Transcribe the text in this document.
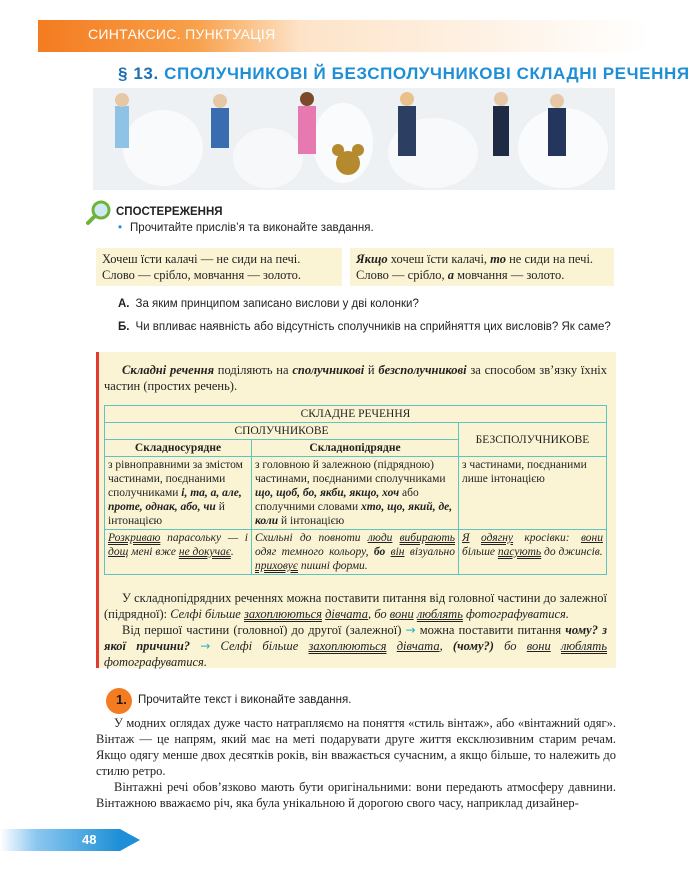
СИНТАКСИС. ПУНКТУАЦІЯ
§ 13. СПОЛУЧНИКОВІ Й БЕЗСПОЛУЧНИКОВІ СКЛАДНІ РЕЧЕННЯ
СПОСТЕРЕЖЕННЯ
• Прочитайте прислів’я та виконайте завдання.
Хочеш їсти калачі — не сиди на печі.
Слово — срібло, мовчання — золото.
Якщо хочеш їсти калачі, то не сиди на печі.
Слово — срібло, а мовчання — золото.
А. За яким принципом записано вислови у дві колонки?
Б. Чи впливає наявність або відсутність сполучників на сприйняття цих висловів? Як саме?
Складні речення поділяють на сполучникові й безсполучникові за способом зв’язку їхніх частин (простих речень).
СКЛАДНЕ РЕЧЕННЯ		
СПОЛУЧНИКОВЕ		БЕЗСПОЛУЧНИКОВЕ
Складносурядне	Складнопідрядне	
з рівноправними за змістом частинами, поєднаними сполучниками і, та, а, але, проте, однак, або, чи й інтонацією	з головною й залежною (підрядною) частинами, поєднаними сполучниками що, щоб, бо, якби, якщо, хоч або сполучними словами хто, що, який, де, коли й інтонацією	з частинами, поєднаними лише інтонацією
Розкриваю парасольку — і дощ мені вже не докучає.	Схильні до повноти люди вибирають одяг темного кольору, бо він візуально приховує пишні форми.	Я одягну кросівки: вони більше пасують до джинсів.
У складнопідрядних реченнях можна поставити питання від головної частини до залежної (підрядної): Селфі більше захоплюються дівчата, бо вони люблять фотографуватися.
Від першої частини (головної) до другої (залежної) → можна поставити питання чому? з якої причини? → Селфі більше захоплюються дівчата, (чому?) бо вони люблять фотографуватися.
1. Прочитайте текст і виконайте завдання.
У модних оглядах дуже часто натрапляємо на поняття «стиль вінтаж», або «вінтажний одяг». Вінтаж — це напрям, який має на меті подарувати друге життя ексклюзивним старим речам. Якщо одягу менше двох десятків років, він вважається сучасним, а якщо більше, то належить до стилю ретро.
Вінтажні речі обов’язково мають бути оригінальними: вони передають атмосферу давнини. Вінтажною вважаємо річ, яка була унікальною й дорогою свого часу, наприклад дизайнер-
48
